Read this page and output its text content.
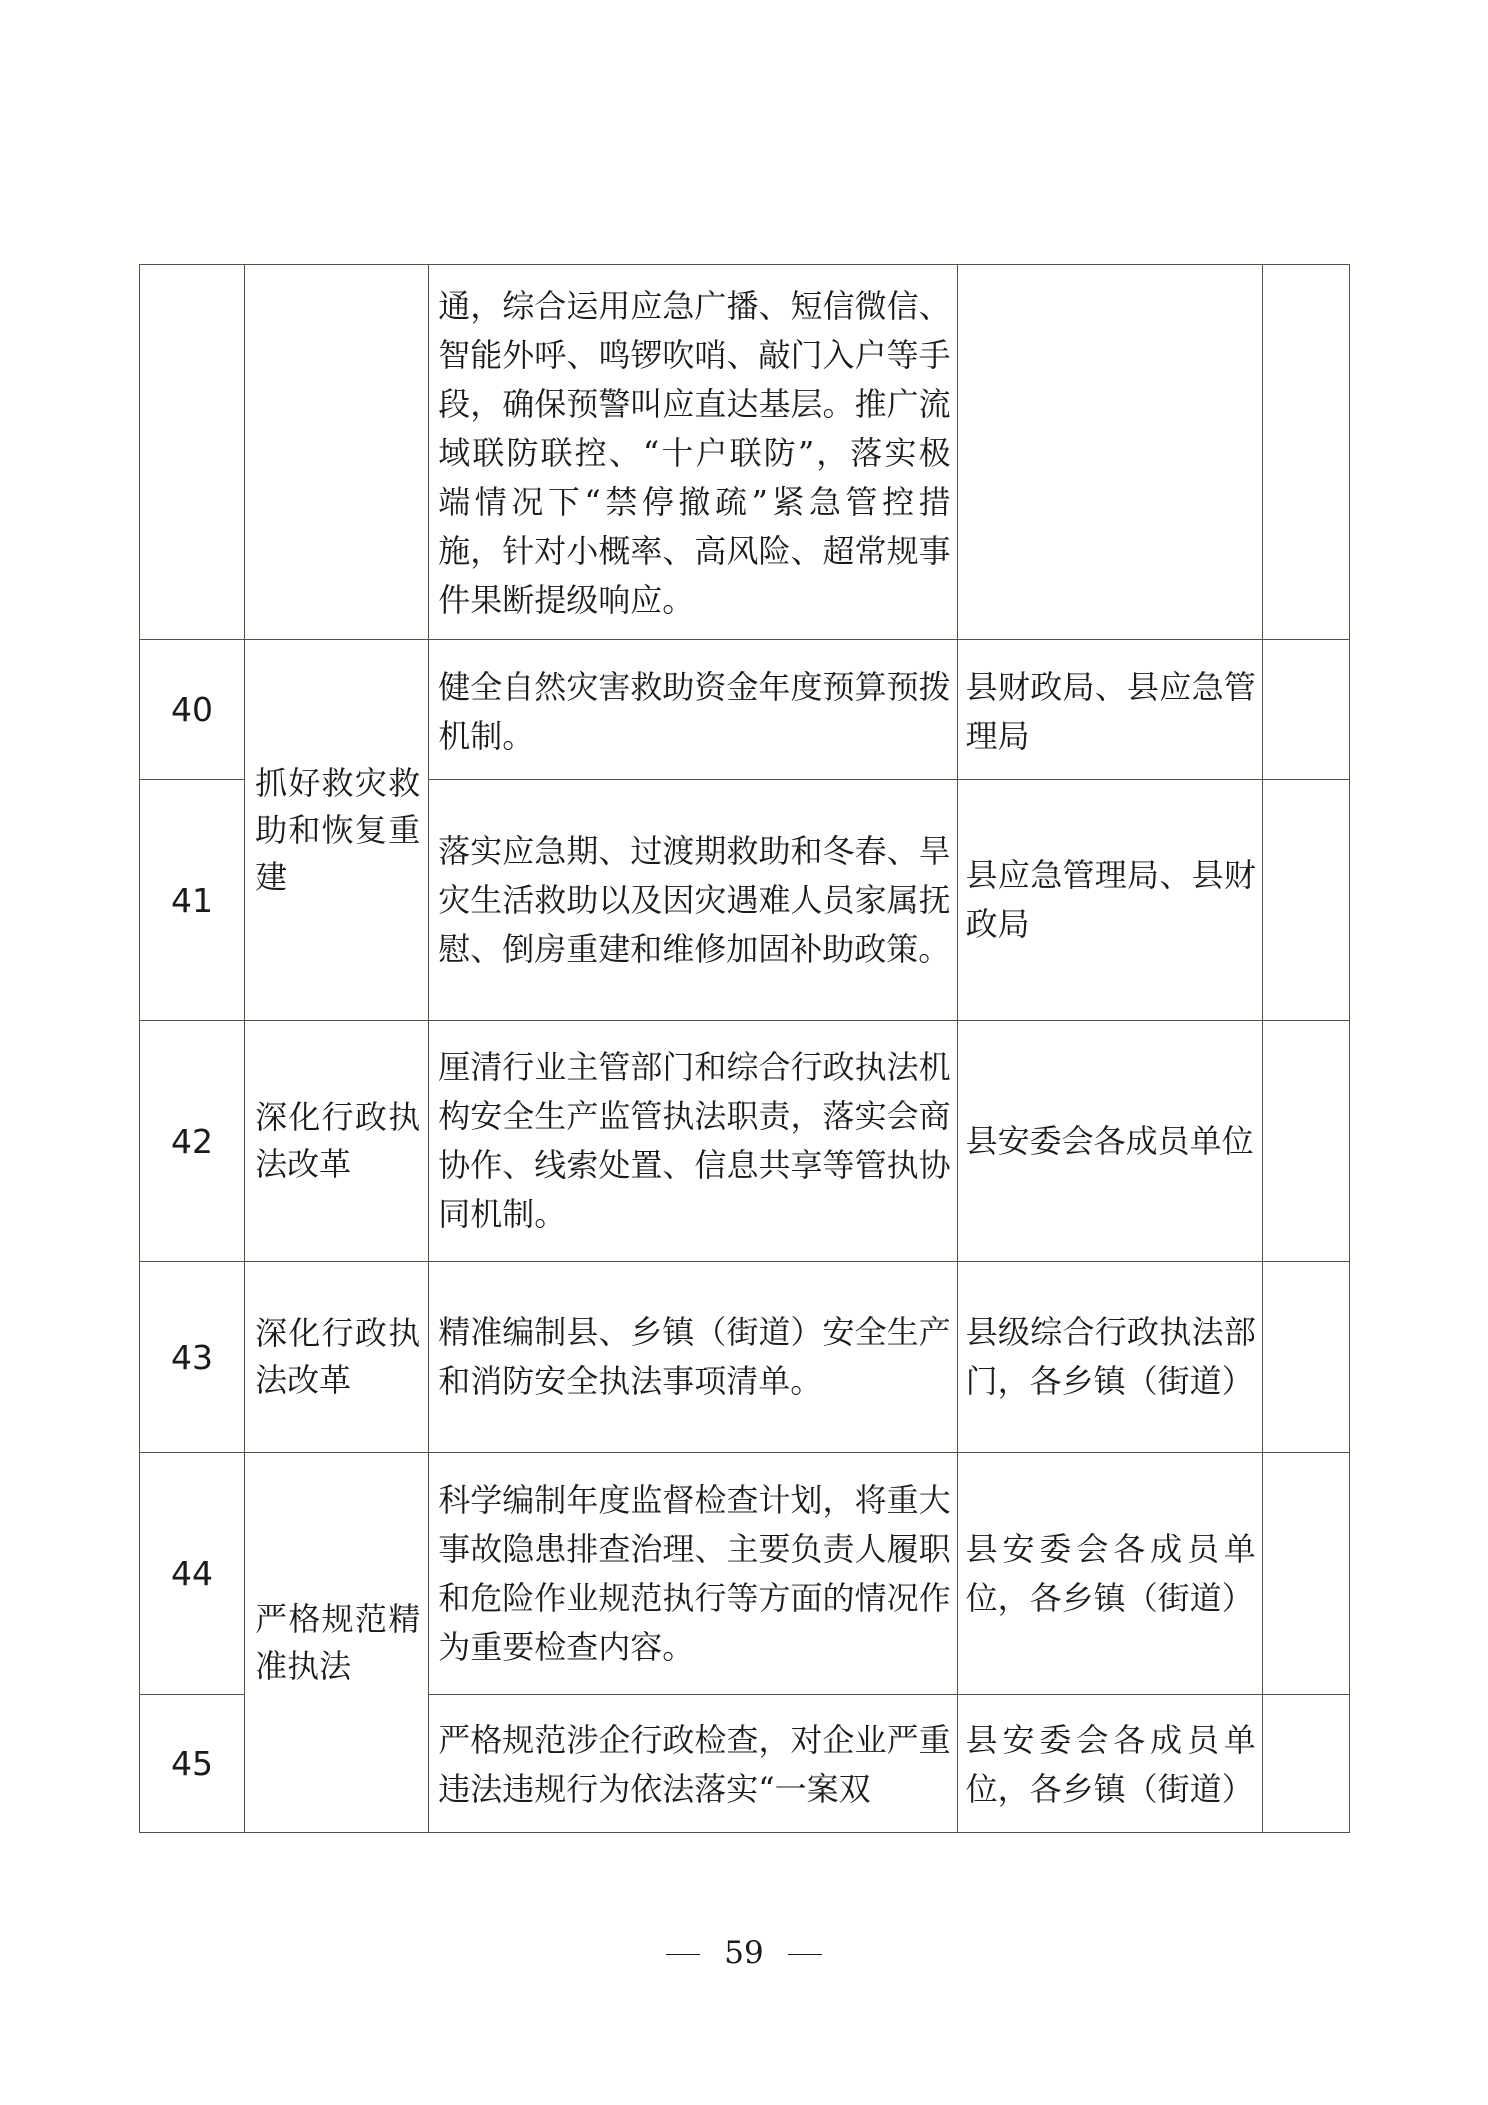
		通，综合运用应急广播、短信微信、智能外呼、鸣锣吹哨、敲门入户等手段，确保预警叫应直达基层。推广流域联防联控、“十户联防”，落实极端情况下“禁停撤疏”紧急管控措施，针对小概率、高风险、超常规事件果断提级响应。		

40	抓好救灾救助和恢复重建	健全自然灾害救助资金年度预算预拨机制。	县财政局、县应急管理局	

41		落实应急期、过渡期救助和冬春、旱灾生活救助以及因灾遇难人员家属抚慰、倒房重建和维修加固补助政策。	县应急管理局、县财政局	

42	深化行政执法改革	厘清行业主管部门和综合行政执法机构安全生产监管执法职责，落实会商协作、线索处置、信息共享等管执协同机制。	县安委会各成员单位	

43	深化行政执法改革	精准编制县、乡镇（街道）安全生产和消防安全执法事项清单。	县级综合行政执法部门，各乡镇（街道）	

44	严格规范精准执法	科学编制年度监督检查计划，将重大事故隐患排查治理、主要负责人履职和危险作业规范执行等方面的情况作为重要检查内容。	县安委会各成员单位，各乡镇（街道）	

45		严格规范涉企行政检查，对企业严重违法违规行为依法落实“一案双	县安委会各成员单位，各乡镇（街道）	

59
